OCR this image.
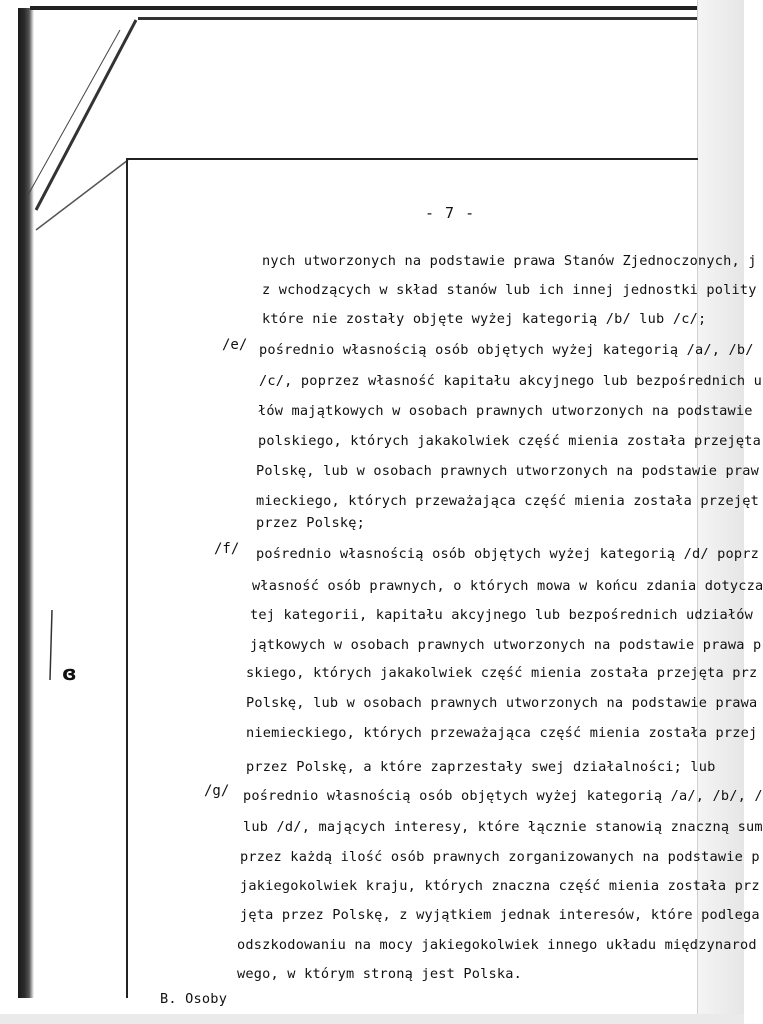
ɞ
- 7 -
/e/
/f/
/g/
nych utworzonych na podstawie prawa Stanów Zjednoczonych, j
z wchodzących w skład stanów lub ich innej jednostki polity
które nie zostały objęte wyżej kategorią /b/ lub /c/;
pośrednio własnością osób objętych wyżej kategorią /a/, /b/
/c/, poprzez własność kapitału akcyjnego lub bezpośrednich u
łów majątkowych w osobach prawnych utworzonych na podstawie
polskiego, których jakakolwiek część mienia została przejęta
Polskę, lub w osobach prawnych utworzonych na podstawie praw
mieckiego, których przeważająca część mienia została przejęt
przez Polskę;
pośrednio własnością osób objętych wyżej kategorią /d/ poprz
własność osób prawnych, o których mowa w końcu zdania dotycza
tej kategorii, kapitału akcyjnego lub bezpośrednich udziałów
jątkowych w osobach prawnych utworzonych na podstawie prawa p
skiego, których jakakolwiek część mienia została przejęta prz
Polskę, lub w osobach prawnych utworzonych na podstawie prawa
niemieckiego, których przeważająca część mienia została przej
przez Polskę, a które zaprzestały swej działalności; lub
pośrednio własnością osób objętych wyżej kategorią /a/, /b/, /
lub /d/, mających interesy, które łącznie stanowią znaczną sum
przez każdą ilość osób prawnych zorganizowanych na podstawie p
jakiegokolwiek kraju, których znaczna część mienia została prz
jęta przez Polskę, z wyjątkiem jednak interesów, które podlega
odszkodowaniu na mocy jakiegokolwiek innego układu międzynarod
wego, w którym stroną jest Polska.
B. Osoby
